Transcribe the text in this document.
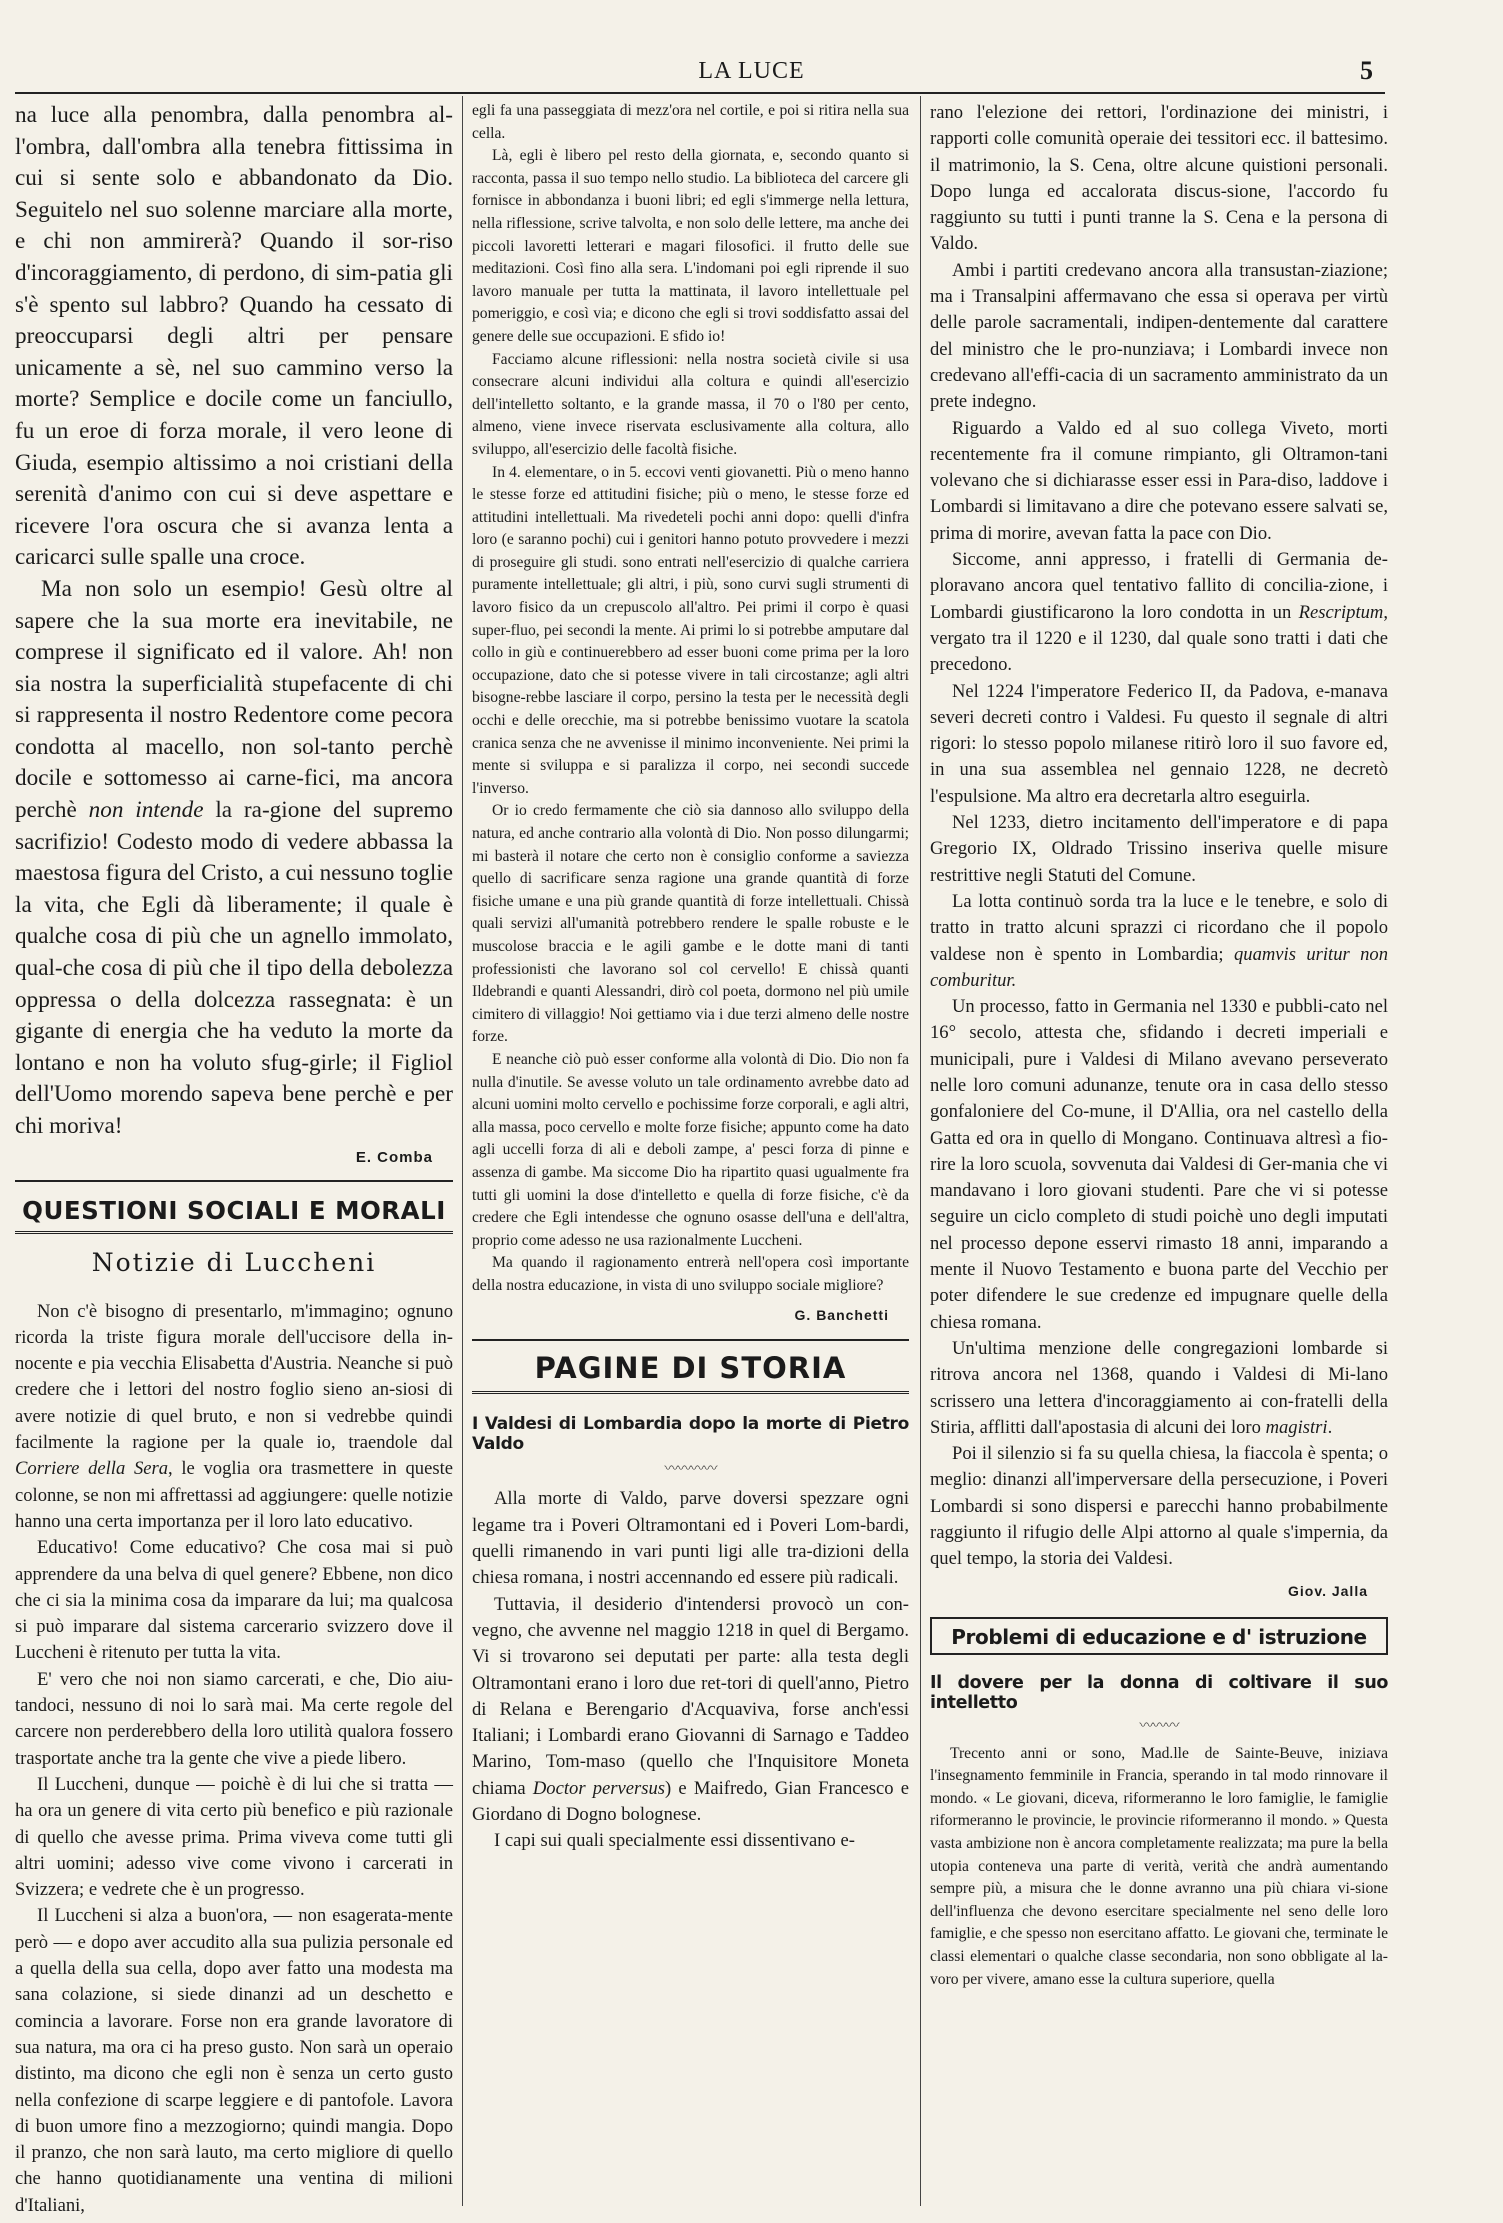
LA LUCE	5

na luce alla penombra, dalla penombra al-l'ombra, dall'ombra alla tenebra fittissima in cui si sente solo e abbandonato da Dio. Seguitelo nel suo solenne marciare alla morte, e chi non ammirerà? Quando il sor-riso d'incoraggiamento, di perdono, di sim-patia gli s'è spento sul labbro? Quando ha cessato di preoccuparsi degli altri per pensare unicamente a sè, nel suo cammino verso la morte? Semplice e docile come un fanciullo, fu un eroe di forza morale, il vero leone di Giuda, esempio altissimo a noi cristiani della serenità d'animo con cui si deve aspettare e ricevere l'ora oscura che si avanza lenta a caricarci sulle spalle una croce.

Ma non solo un esempio! Gesù oltre al sapere che la sua morte era inevitabile, ne comprese il significato ed il valore. Ah! non sia nostra la superficialità stupefacente di chi si rappresenta il nostro Redentore come pecora condotta al macello, non sol-tanto perchè docile e sottomesso ai carne-fici, ma ancora perchè non intende la ra-gione del supremo sacrifizio! Codesto modo di vedere abbassa la maestosa figura del Cristo, a cui nessuno toglie la vita, che Egli dà liberamente; il quale è qualche cosa di più che un agnello immolato, qual-che cosa di più che il tipo della debolezza oppressa o della dolcezza rassegnata: è un gigante di energia che ha veduto la morte da lontano e non ha voluto sfug-girle; il Figliol dell'Uomo morendo sapeva bene perchè e per chi moriva!

E. Comba
QUESTIONI SOCIALI E MORALI
Notizie di Luccheni

Non c'è bisogno di presentarlo, m'immagino; ognuno ricorda la triste figura morale dell'uccisore della in-nocente e pia vecchia Elisabetta d'Austria. Neanche si può credere che i lettori del nostro foglio sieno an-siosi di avere notizie di quel bruto, e non si vedrebbe quindi facilmente la ragione per la quale io, traendole dal Corriere della Sera, le voglia ora trasmettere in queste colonne, se non mi affrettassi ad aggiungere: quelle notizie hanno una certa importanza per il loro lato educativo.

Educativo! Come educativo? Che cosa mai si può apprendere da una belva di quel genere? Ebbene, non dico che ci sia la minima cosa da imparare da lui; ma qualcosa si può imparare dal sistema carcerario svizzero dove il Luccheni è ritenuto per tutta la vita.

E' vero che noi non siamo carcerati, e che, Dio aiu-tandoci, nessuno di noi lo sarà mai. Ma certe regole del carcere non perderebbero della loro utilità qualora fossero trasportate anche tra la gente che vive a piede libero.

Il Luccheni, dunque — poichè è di lui che si tratta — ha ora un genere di vita certo più benefico e più razionale di quello che avesse prima. Prima viveva come tutti gli altri uomini; adesso vive come vivono i carcerati in Svizzera; e vedrete che è un progresso.

Il Luccheni si alza a buon'ora, — non esagerata-mente però — e dopo aver accudito alla sua pulizia personale ed a quella della sua cella, dopo aver fatto una modesta ma sana colazione, si siede dinanzi ad un deschetto e comincia a lavorare. Forse non era grande lavoratore di sua natura, ma ora ci ha preso gusto. Non sarà un operaio distinto, ma dicono che egli non è senza un certo gusto nella confezione di scarpe leggiere e di pantofole. Lavora di buon umore fino a mezzogiorno; quindi mangia. Dopo il pranzo, che non sarà lauto, ma certo migliore di quello che hanno quotidianamente una ventina di milioni d'Italiani,

egli fa una passeggiata di mezz'ora nel cortile, e poi si ritira nella sua cella.

Là, egli è libero pel resto della giornata, e, secondo quanto si racconta, passa il suo tempo nello studio. La biblioteca del carcere gli fornisce in abbondanza i buoni libri; ed egli s'immerge nella lettura, nella riflessione, scrive talvolta, e non solo delle lettere, ma anche dei piccoli lavoretti letterari e magari filosofici. il frutto delle sue meditazioni. Così fino alla sera. L'indomani poi egli riprende il suo lavoro manuale per tutta la mattinata, il lavoro intellettuale pel pomeriggio, e così via; e dicono che egli si trovi soddisfatto assai del genere delle sue occupazioni. E sfido io!

Facciamo alcune riflessioni: nella nostra società civile si usa consecrare alcuni individui alla coltura e quindi all'esercizio dell'intelletto soltanto, e la grande massa, il 70 o l'80 per cento, almeno, viene invece riservata esclusivamente alla coltura, allo sviluppo, all'esercizio delle facoltà fisiche.

In 4. elementare, o in 5. eccovi venti giovanetti. Più o meno hanno le stesse forze ed attitudini fisiche; più o meno, le stesse forze ed attitudini intellettuali. Ma rivedeteli pochi anni dopo: quelli d'infra loro (e saranno pochi) cui i genitori hanno potuto provvedere i mezzi di proseguire gli studi. sono entrati nell'esercizio di qualche carriera puramente intellettuale; gli altri, i più, sono curvi sugli strumenti di lavoro fisico da un crepuscolo all'altro. Pei primi il corpo è quasi super-fluo, pei secondi la mente. Ai primi lo si potrebbe amputare dal collo in giù e continuerebbero ad esser buoni come prima per la loro occupazione, dato che si potesse vivere in tali circostanze; agli altri bisogne-rebbe lasciare il corpo, persino la testa per le necessità degli occhi e delle orecchie, ma si potrebbe benissimo vuotare la scatola cranica senza che ne avvenisse il minimo inconveniente. Nei primi la mente si sviluppa e si paralizza il corpo, nei secondi succede l'inverso.

Or io credo fermamente che ciò sia dannoso allo sviluppo della natura, ed anche contrario alla volontà di Dio. Non posso dilungarmi; mi basterà il notare che certo non è consiglio conforme a saviezza quello di sacrificare senza ragione una grande quantità di forze fisiche umane e una più grande quantità di forze intellettuali. Chissà quali servizi all'umanità potrebbero rendere le spalle robuste e le muscolose braccia e le agili gambe e le dotte mani di tanti professionisti che lavorano sol col cervello! E chissà quanti Ildebrandi e quanti Alessandri, dirò col poeta, dormono nel più umile cimitero di villaggio! Noi gettiamo via i due terzi almeno delle nostre forze.

E neanche ciò può esser conforme alla volontà di Dio. Dio non fa nulla d'inutile. Se avesse voluto un tale ordinamento avrebbe dato ad alcuni uomini molto cervello e pochissime forze corporali, e agli altri, alla massa, poco cervello e molte forze fisiche; appunto come ha dato agli uccelli forza di ali e deboli zampe, a' pesci forza di pinne e assenza di gambe. Ma siccome Dio ha ripartito quasi ugualmente fra tutti gli uomini la dose d'intelletto e quella di forze fisiche, c'è da credere che Egli intendesse che ognuno osasse dell'una e dell'altra, proprio come adesso ne usa razionalmente Luccheni.

Ma quando il ragionamento entrerà nell'opera così importante della nostra educazione, in vista di uno sviluppo sociale migliore?

G. Banchetti
PAGINE DI STORIA
I Valdesi di Lombardia dopo la morte di Pietro Valdo
〰〰〰〰

Alla morte di Valdo, parve doversi spezzare ogni legame tra i Poveri Oltramontani ed i Poveri Lom-bardi, quelli rimanendo in vari punti ligi alle tra-dizioni della chiesa romana, i nostri accennando ed essere più radicali.

Tuttavia, il desiderio d'intendersi provocò un con-vegno, che avvenne nel maggio 1218 in quel di Bergamo. Vi si trovarono sei deputati per parte: alla testa degli Oltramontani erano i loro due ret-tori di quell'anno, Pietro di Relana e Berengario d'Acquaviva, forse anch'essi Italiani; i Lombardi erano Giovanni di Sarnago e Taddeo Marino, Tom-maso (quello che l'Inquisitore Moneta chiama Doctor perversus) e Maifredo, Gian Francesco e Giordano di Dogno bolognese.

I capi sui quali specialmente essi dissentivano e-

rano l'elezione dei rettori, l'ordinazione dei ministri, i rapporti colle comunità operaie dei tessitori ecc. il battesimo. il matrimonio, la S. Cena, oltre alcune quistioni personali. Dopo lunga ed accalorata discus-sione, l'accordo fu raggiunto su tutti i punti tranne la S. Cena e la persona di Valdo.

Ambi i partiti credevano ancora alla transustan-ziazione; ma i Transalpini affermavano che essa si operava per virtù delle parole sacramentali, indipen-dentemente dal carattere del ministro che le pro-nunziava; i Lombardi invece non credevano all'effi-cacia di un sacramento amministrato da un prete indegno.

Riguardo a Valdo ed al suo collega Viveto, morti recentemente fra il comune rimpianto, gli Oltramon-tani volevano che si dichiarasse esser essi in Para-diso, laddove i Lombardi si limitavano a dire che potevano essere salvati se, prima di morire, avevan fatta la pace con Dio.

Siccome, anni appresso, i fratelli di Germania de-ploravano ancora quel tentativo fallito di concilia-zione, i Lombardi giustificarono la loro condotta in un Rescriptum, vergato tra il 1220 e il 1230, dal quale sono tratti i dati che precedono.

Nel 1224 l'imperatore Federico II, da Padova, e-manava severi decreti contro i Valdesi. Fu questo il segnale di altri rigori: lo stesso popolo milanese ritirò loro il suo favore ed, in una sua assemblea nel gennaio 1228, ne decretò l'espulsione. Ma altro era decretarla altro eseguirla.

Nel 1233, dietro incitamento dell'imperatore e di papa Gregorio IX, Oldrado Trissino inseriva quelle misure restrittive negli Statuti del Comune.

La lotta continuò sorda tra la luce e le tenebre, e solo di tratto in tratto alcuni sprazzi ci ricordano che il popolo valdese non è spento in Lombardia; quamvis uritur non comburitur.

Un processo, fatto in Germania nel 1330 e pubbli-cato nel 16° secolo, attesta che, sfidando i decreti imperiali e municipali, pure i Valdesi di Milano avevano perseverato nelle loro comuni adunanze, tenute ora in casa dello stesso gonfaloniere del Co-mune, il D'Allia, ora nel castello della Gatta ed ora in quello di Mongano. Continuava altresì a fio-rire la loro scuola, sovvenuta dai Valdesi di Ger-mania che vi mandavano i loro giovani studenti. Pare che vi si potesse seguire un ciclo completo di studi poichè uno degli imputati nel processo depone esservi rimasto 18 anni, imparando a mente il Nuovo Testamento e buona parte del Vecchio per poter difendere le sue credenze ed impugnare quelle della chiesa romana.

Un'ultima menzione delle congregazioni lombarde si ritrova ancora nel 1368, quando i Valdesi di Mi-lano scrissero una lettera d'incoraggiamento ai con-fratelli della Stiria, afflitti dall'apostasia di alcuni dei loro magistri.

Poi il silenzio si fa su quella chiesa, la fiaccola è spenta; o meglio: dinanzi all'imperversare della persecuzione, i Poveri Lombardi si sono dispersi e parecchi hanno probabilmente raggiunto il rifugio delle Alpi attorno al quale s'impernia, da quel tempo, la storia dei Valdesi.

Giov. Jalla
Problemi di educazione e d' istruzione
Il dovere per la donna di coltivare il suo intelletto
〰〰〰

Trecento anni or sono, Mad.lle de Sainte-Beuve, iniziava l'insegnamento femminile in Francia, sperando in tal modo rinnovare il mondo. « Le giovani, diceva, riformeranno le loro famiglie, le famiglie riformeranno le provincie, le provincie riformeranno il mondo. » Questa vasta ambizione non è ancora completamente realizzata; ma pure la bella utopia conteneva una parte di verità, verità che andrà aumentando sempre più, a misura che le donne avranno una più chiara vi-sione dell'influenza che devono esercitare specialmente nel seno delle loro famiglie, e che spesso non esercitano affatto. Le giovani che, terminate le classi elementari o qualche classe secondaria, non sono obbligate al la-voro per vivere, amano esse la cultura superiore, quella
